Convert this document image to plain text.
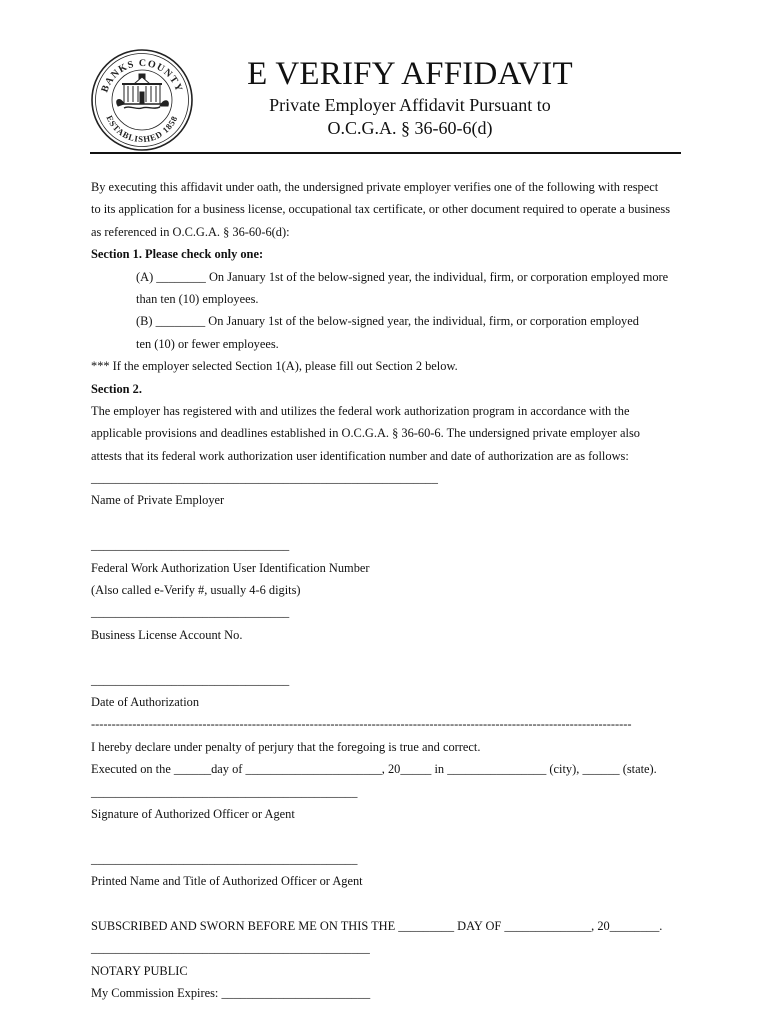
BANKS COUNTY
ESTABLISHED 1858
E VERIFY AFFIDAVIT
Private Employer Affidavit Pursuant to
O.C.G.A. § 36-60-6(d)
By executing this affidavit under oath, the undersigned private employer verifies one of the following with respect
to its application for a business license, occupational tax certificate, or other document required to operate a business
as referenced in O.C.G.A. § 36-60-6(d):
Section 1. Please check only one:
(A) ________ On January 1st of the below-signed year, the individual, firm, or corporation employed more
than ten (10) employees.
(B) ________ On January 1st of the below-signed year, the individual, firm, or corporation employed
ten (10) or fewer employees.
*** If the employer selected Section 1(A), please fill out Section 2 below.
Section 2.
The employer has registered with and utilizes the federal work authorization program in accordance with the
applicable provisions and deadlines established in O.C.G.A. § 36-60-6. The undersigned private employer also
attests that its federal work authorization user identification number and date of authorization are as follows:
________________________________________________________
Name of Private Employer
________________________________
Federal Work Authorization User Identification Number
(Also called e-Verify #, usually 4-6 digits)
________________________________
Business License Account No.
________________________________
Date of Authorization
-----------------------------------------------------------------------------------------------------------------------------------
I hereby declare under penalty of perjury that the foregoing is true and correct.
Executed on the ______day of ______________________, 20_____ in ________________ (city), ______ (state).
___________________________________________
Signature of Authorized Officer or Agent
___________________________________________
Printed Name and Title of Authorized Officer or Agent
SUBSCRIBED AND SWORN BEFORE ME ON THIS THE _________ DAY OF ______________, 20________.
_____________________________________________
NOTARY PUBLIC
My Commission Expires: ________________________
